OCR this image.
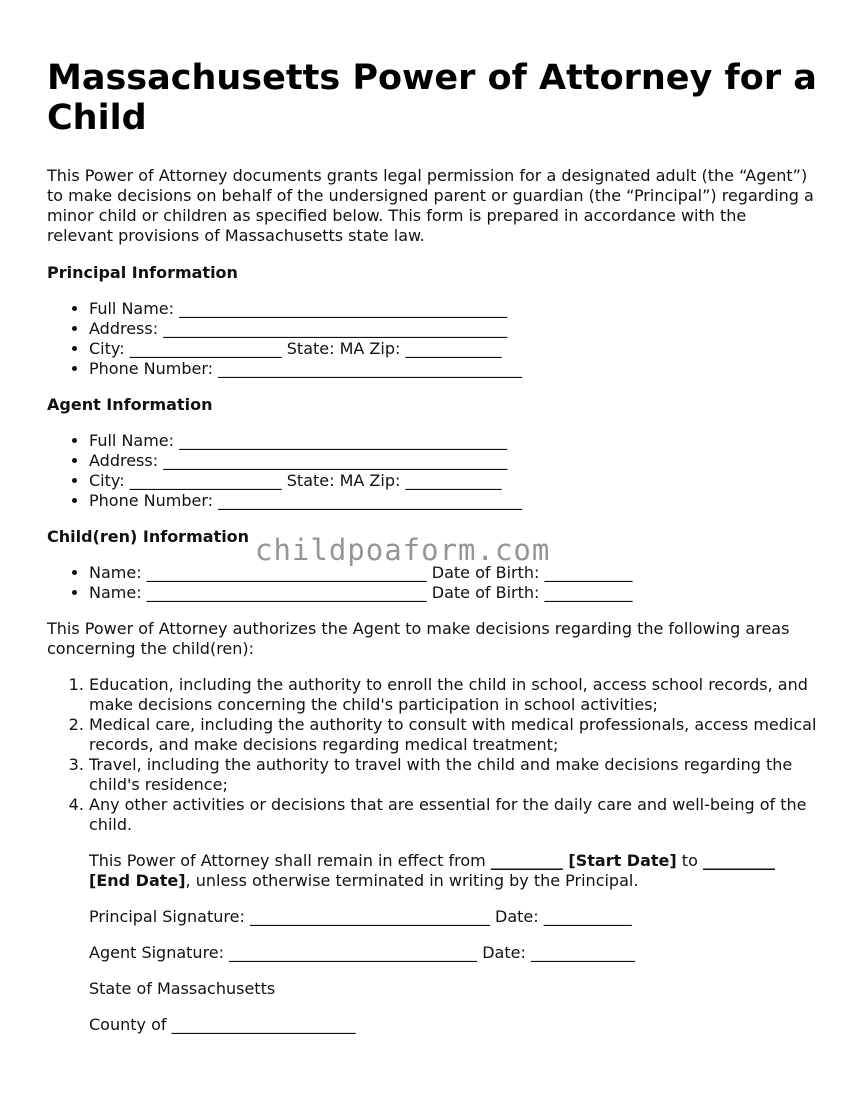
childpoaform.com
Massachusetts Power of Attorney for a Child

This Power of Attorney documents grants legal permission for a designated adult (the “Agent”) to make decisions on behalf of the undersigned parent or guardian (the “Principal”) regarding a minor child or children as specified below. This form is prepared in accordance with the relevant provisions of Massachusetts state law.

Principal Information
• Full Name: _________________________________________
• Address: ___________________________________________
• City: ___________________ State: MA Zip: ____________
• Phone Number: ______________________________________
Agent Information
• Full Name: _________________________________________
• Address: ___________________________________________
• City: ___________________ State: MA Zip: ____________
• Phone Number: ______________________________________
Child(ren) Information
• Name: ___________________________________ Date of Birth: ___________
• Name: ___________________________________ Date of Birth: ___________

This Power of Attorney authorizes the Agent to make decisions regarding the following areas concerning the child(ren):

1. Education, including the authority to enroll the child in school, access school records, and make decisions concerning the child's participation in school activities;
2. Medical care, including the authority to consult with medical professionals, access medical records, and make decisions regarding medical treatment;
3. Travel, including the authority to travel with the child and make decisions regarding the child's residence;
4. Any other activities or decisions that are essential for the daily care and well-being of the child.

This Power of Attorney shall remain in effect from _________ [Start Date] to _________ [End Date], unless otherwise terminated in writing by the Principal.

Principal Signature: ______________________________ Date: ___________

Agent Signature: _______________________________ Date: _____________

State of Massachusetts

County of _______________________
